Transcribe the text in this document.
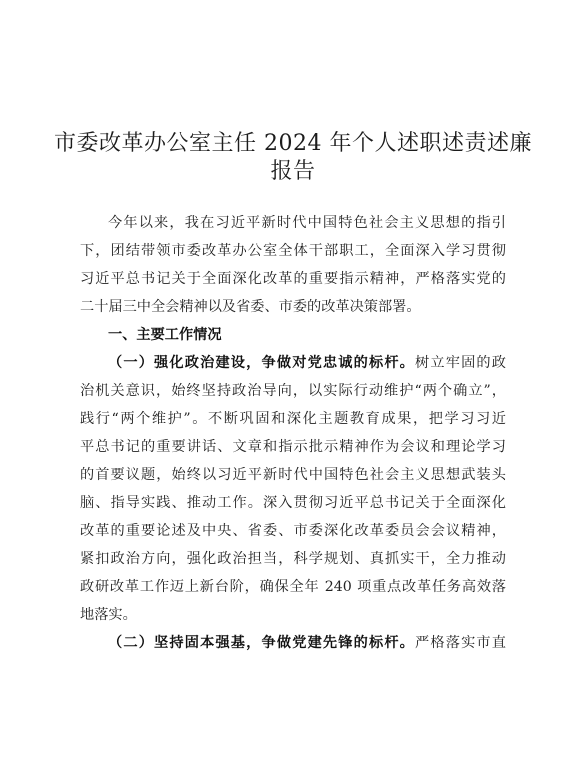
市委改革办公室主任 2024 年个人述职述责述廉
报告
今年以来，我在习近平新时代中国特色社会主义思想的指引
下，团结带领市委改革办公室全体干部职工，全面深入学习贯彻
习近平总书记关于全面深化改革的重要指示精神，严格落实党的
二十届三中全会精神以及省委、市委的改革决策部署。
一、主要工作情况
（一）强化政治建设，争做对党忠诚的标杆。树立牢固的政
治机关意识，始终坚持政治导向，以实际行动维护“两个确立”，
践行“两个维护”。不断巩固和深化主题教育成果，把学习习近
平总书记的重要讲话、文章和指示批示精神作为会议和理论学习
的首要议题，始终以习近平新时代中国特色社会主义思想武装头
脑、指导实践、推动工作。深入贯彻习近平总书记关于全面深化
改革的重要论述及中央、省委、市委深化改革委员会会议精神，
紧扣政治方向，强化政治担当，科学规划、真抓实干，全力推动
政研改革工作迈上新台阶，确保全年 240 项重点改革任务高效落
地落实。
（二）坚持固本强基，争做党建先锋的标杆。严格落实市直
